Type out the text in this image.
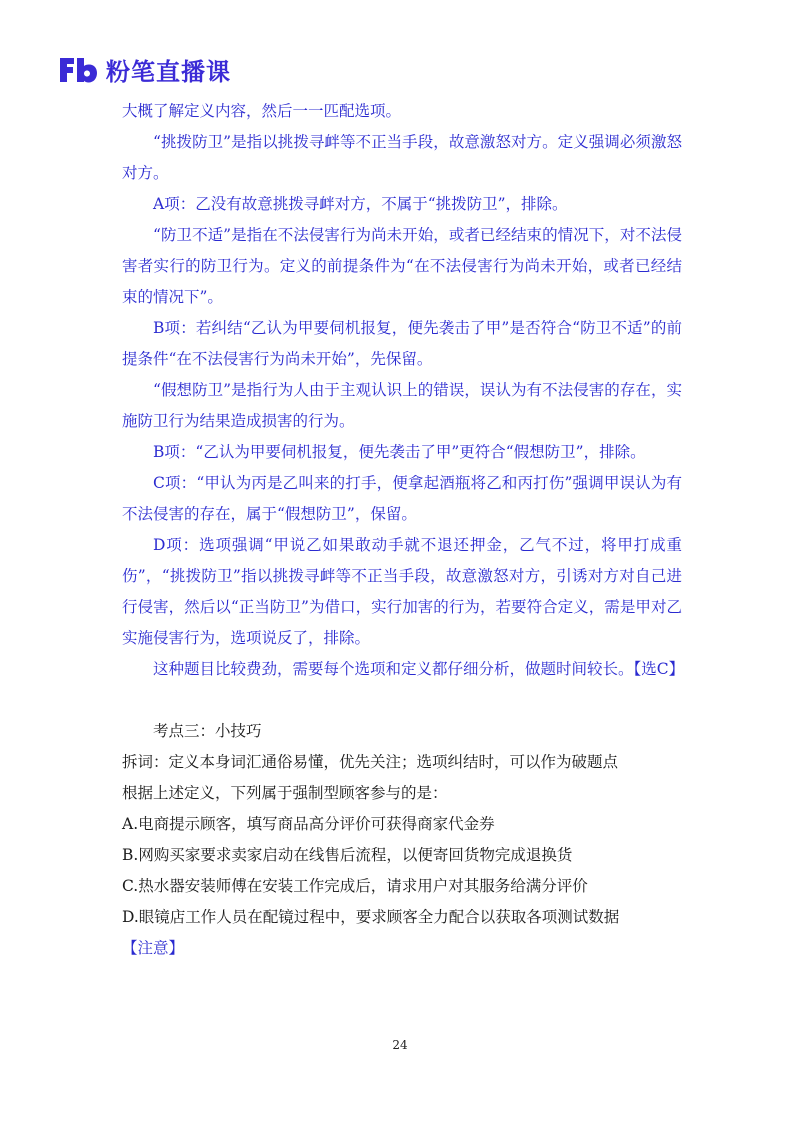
粉笔直播课

大概了解定义内容，然后一一匹配选项。

“挑拨防卫”是指以挑拨寻衅等不正当手段，故意激怒对方。定义强调必须激怒对方。

A项：乙没有故意挑拨寻衅对方，不属于“挑拨防卫”，排除。

“防卫不适”是指在不法侵害行为尚未开始，或者已经结束的情况下，对不法侵害者实行的防卫行为。定义的前提条件为“在不法侵害行为尚未开始，或者已经结束的情况下”。

B项：若纠结“乙认为甲要伺机报复，便先袭击了甲”是否符合“防卫不适”的前提条件“在不法侵害行为尚未开始”，先保留。

“假想防卫”是指行为人由于主观认识上的错误，误认为有不法侵害的存在，实施防卫行为结果造成损害的行为。

B项：“乙认为甲要伺机报复，便先袭击了甲”更符合“假想防卫”，排除。

C项：“甲认为丙是乙叫来的打手，便拿起酒瓶将乙和丙打伤”强调甲误认为有不法侵害的存在，属于“假想防卫”，保留。

D项：选项强调“甲说乙如果敢动手就不退还押金，乙气不过，将甲打成重伤”，“挑拨防卫”指以挑拨寻衅等不正当手段，故意激怒对方，引诱对方对自己进行侵害，然后以“正当防卫”为借口，实行加害的行为，若要符合定义，需是甲对乙实施侵害行为，选项说反了，排除。

这种题目比较费劲，需要每个选项和定义都仔细分析，做题时间较长。【选C】

考点三：小技巧

拆词：定义本身词汇通俗易懂，优先关注；选项纠结时，可以作为破题点

根据上述定义，下列属于强制型顾客参与的是：

A.电商提示顾客，填写商品高分评价可获得商家代金券

B.网购买家要求卖家启动在线售后流程，以便寄回货物完成退换货

C.热水器安装师傅在安装工作完成后，请求用户对其服务给满分评价

D.眼镜店工作人员在配镜过程中，要求顾客全力配合以获取各项测试数据

【注意】

24
